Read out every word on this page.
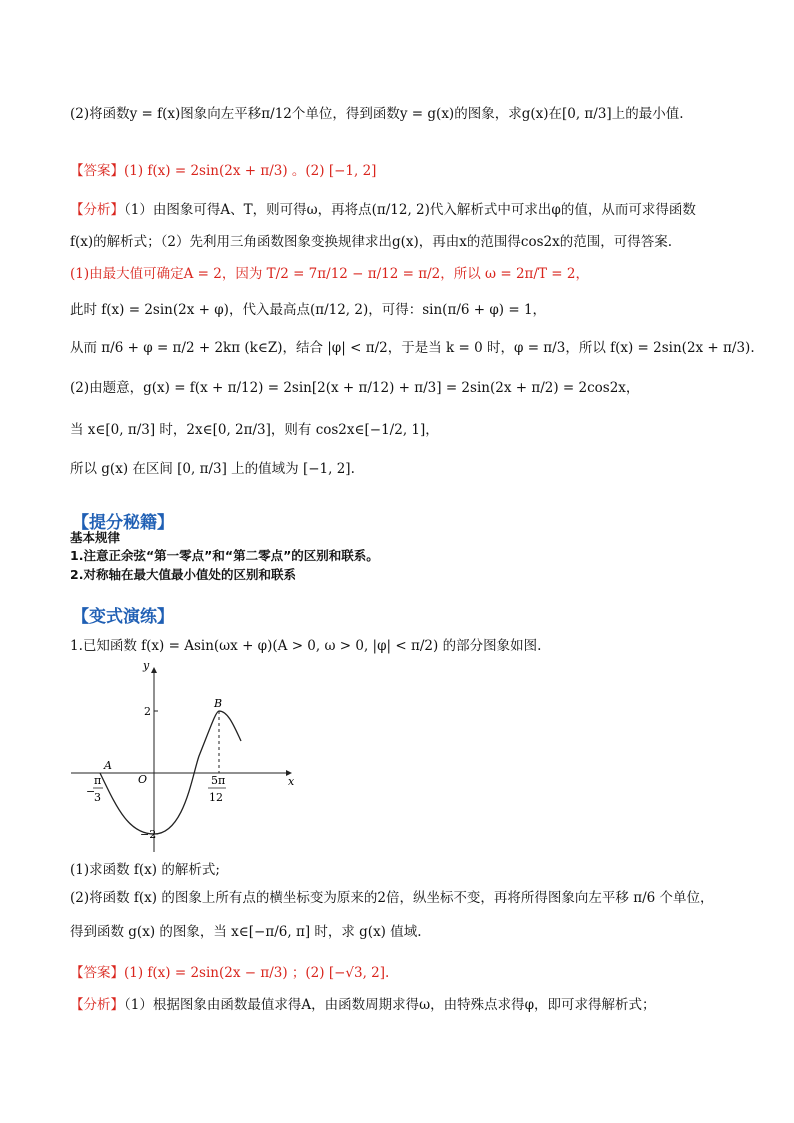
(2)将函数y = f(x)图象向左平移π/12个单位，得到函数y = g(x)的图象，求g(x)在[0, π/3]上的最小值.
【答案】(1) f(x) = 2sin(2x + π/3) 。(2) [−1, 2]
【分析】（1）由图象可得A、T，则可得ω，再将点(π/12, 2)代入解析式中可求出φ的值，从而可求得函数
f(x)的解析式；（2）先利用三角函数图象变换规律求出g(x)，再由x的范围得cos2x的范围，可得答案.
(1)由最大值可确定A = 2，因为 T/2 = 7π/12 − π/12 = π/2，所以 ω = 2π/T = 2，
此时 f(x) = 2sin(2x + φ)，代入最高点(π/12, 2)，可得：sin(π/6 + φ) = 1，
从而 π/6 + φ = π/2 + 2kπ (k∈Z)，结合 |φ| < π/2，于是当 k = 0 时，φ = π/3，所以 f(x) = 2sin(2x + π/3).
(2)由题意，g(x) = f(x + π/12) = 2sin[2(x + π/12) + π/3] = 2sin(2x + π/2) = 2cos2x，
当 x∈[0, π/3] 时，2x∈[0, 2π/3]，则有 cos2x∈[−1/2, 1]，
所以 g(x) 在区间 [0, π/3] 上的值域为 [−1, 2].
【提分秘籍】
基本规律
1.注意正余弦“第一零点”和“第二零点”的区别和联系。
2.对称轴在最大值最小值处的区别和联系
【变式演练】
1.已知函数 f(x) = Asin(ωx + φ)(A > 0, ω > 0, |φ| < π/2) 的部分图象如图.
y
x
O
2
−2
A
B
−
π
3
5π
12
(1)求函数 f(x) 的解析式;
(2)将函数 f(x) 的图象上所有点的横坐标变为原来的2倍，纵坐标不变，再将所得图象向左平移 π/6 个单位，
得到函数 g(x) 的图象，当 x∈[−π/6, π] 时，求 g(x) 值域.
【答案】(1) f(x) = 2sin(2x − π/3) ；(2) [−√3, 2].
【分析】（1）根据图象由函数最值求得A，由函数周期求得ω，由特殊点求得φ，即可求得解析式；
